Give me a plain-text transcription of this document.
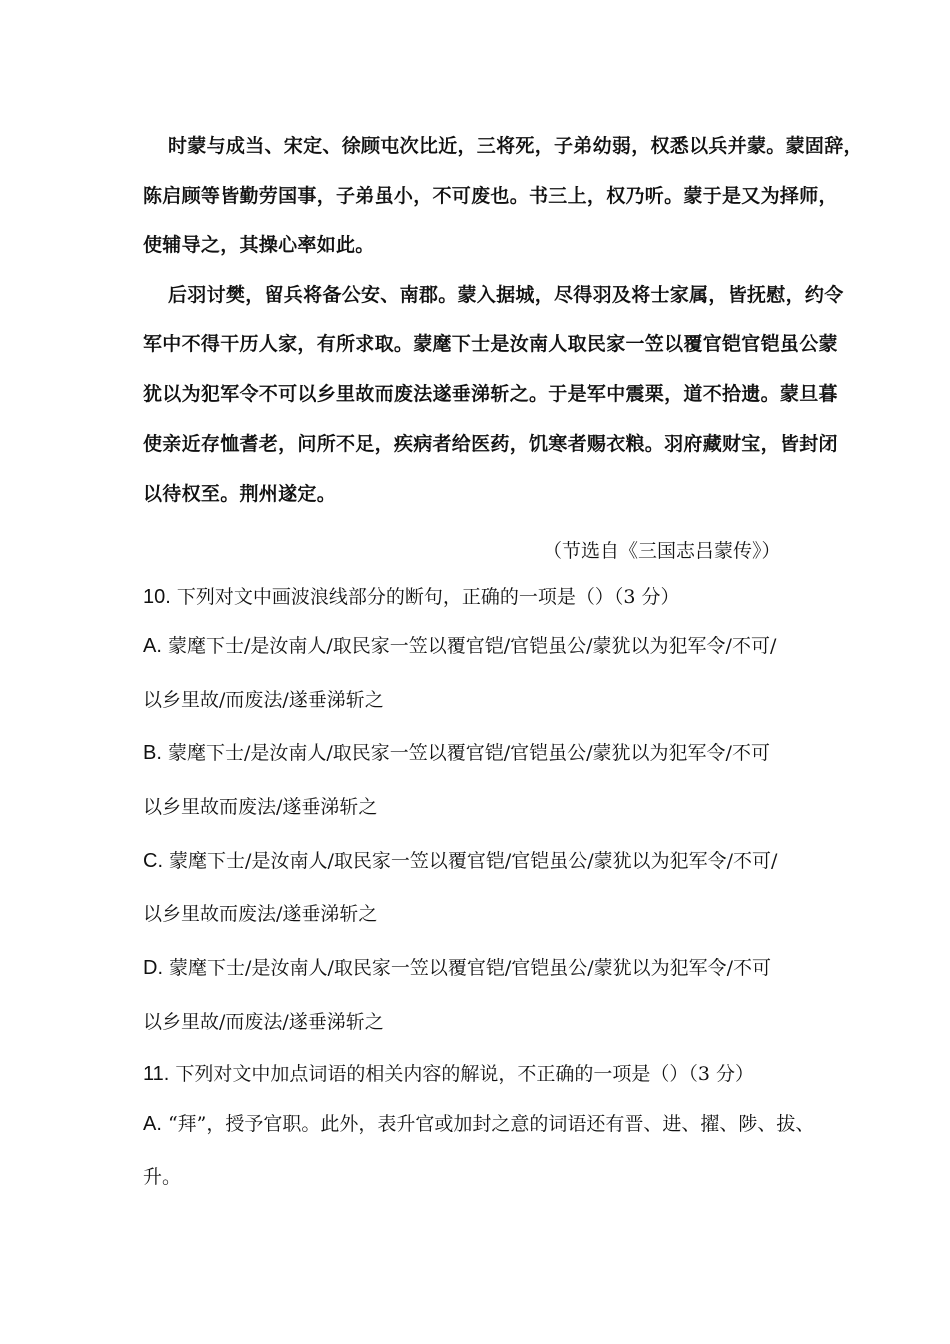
时蒙与成当、宋定、徐顾屯次比近，三将死，子弟幼弱，权悉以兵并蒙。蒙固辞，
陈启顾等皆勤劳国事，子弟虽小，不可废也。书三上，权乃听。蒙于是又为择师，
使辅导之，其操心率如此。
后羽讨樊，留兵将备公安、南郡。蒙入据城，尽得羽及将士家属，皆抚慰，约令
军中不得干历人家，有所求取。蒙麾下士是汝南人取民家一笠以覆官铠官铠虽公蒙
犹以为犯军令不可以乡里故而废法遂垂涕斩之。于是军中震栗，道不拾遗。蒙旦暮
使亲近存恤耆老，问所不足，疾病者给医药，饥寒者赐衣粮。羽府藏财宝，皆封闭
以待权至。荆州遂定。
（节选自《三国志吕蒙传》）
10. 下列对文中画波浪线部分的断句，正确的一项是（）（3 分）
A. 蒙麾下士/是汝南人/取民家一笠以覆官铠/官铠虽公/蒙犹以为犯军令/不可/
以乡里故/而废法/遂垂涕斩之
B. 蒙麾下士/是汝南人/取民家一笠以覆官铠/官铠虽公/蒙犹以为犯军令/不可
以乡里故而废法/遂垂涕斩之
C. 蒙麾下士/是汝南人/取民家一笠以覆官铠/官铠虽公/蒙犹以为犯军令/不可/
以乡里故而废法/遂垂涕斩之
D. 蒙麾下士/是汝南人/取民家一笠以覆官铠/官铠虽公/蒙犹以为犯军令/不可
以乡里故/而废法/遂垂涕斩之
11. 下列对文中加点词语的相关内容的解说，不正确的一项是（）（3 分）
A. “拜”，授予官职。此外，表升官或加封之意的词语还有晋、进、擢、陟、拔、
升。
